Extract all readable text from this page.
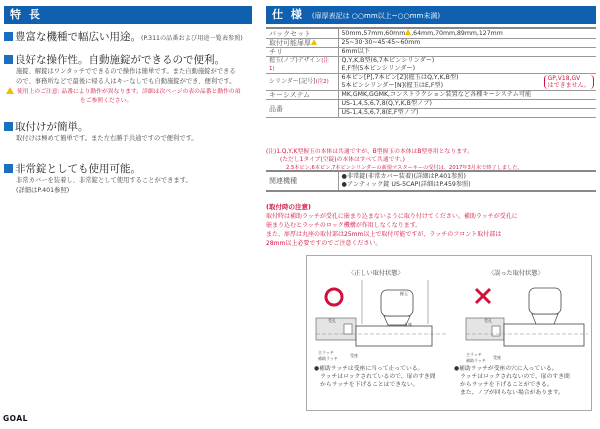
特 長
豊富な機種で幅広い用途。(P.311の品番および用途一覧表参照)
良好な操作性。自動施錠ができるので便利。
施錠、解錠はワンタッチでできるので操作は簡単です。また自動施錠ができる
ので、事務所などで最後に帰る人はキーなしでも自動施錠ができ、便利です。
使用上のご注意: 品番により動作が異なります。詳細は次ページの表の品番と動作の項
をご参照ください。
取付けが簡単。
取付けは極めて簡単です。また左右勝手共通ですので便利です。
非常錠としても使用可能。
非常カバーを装着し、非常錠として使用することができます。
(詳細はP.401参照)
GOAL
仕 様 (扉厚表記は ○○mm以上~○○mm未満)
バックセット	50mm,57mm,60mm ,64mm,70mm,89mm,127mm
取付可能扉厚	25~30·30~45·45~60mm
チリ	6mm以下
握玉(ノブ)デザイン(注1)	Q,Y,K,B型(6,7本ピンシリンダー)
E,F型(5本ピンシリンダー)

シリンダー[記号](注2)	6本ピン[P],7本ピン[Z](握玉はQ,Y,K,B型)
5本ピンシリンダー[N](握玉はE,F型)
GP,V18,GV
はできません。

キーシステム	MK,GMK,GGMK,コンストラクション装置など各種キーシステム可能
品番	US-1,4,5,6,7,8(Q,Y,K,B型ノブ)
US-1,4,5,6,7,8(E,F型ノブ)
(注)1.Q,Y,K型握玉の本体は共通ですが、B型握玉の本体はB型専用となります。
(ただし1タイプ(空錠)の本体はすべて共通です。)
2.5本ピン,6本ピン,7本ピンシリンダーの新規マスターキーの受付は、2017年3月末で終了しました。
関連機種	
●非常錠(非常カバー装着)(詳細はP.401参照)
●アンティック錠 US-5CAP(詳細はP.459参照)
(取付時の注意)
取付時は補助ラッチが受孔に嵌まり込まないように取り付けてください。補助ラッチが受孔に
嵌まり込むとラッチのロック機構が作用しなくなります。
また、扉厚は丸座の取付部は25mm以上で取付可能ですが、ラッチのフロント取付部は
28mm以上必要ですのでご注意ください。
〈正しい取付状態〉	〈誤った取付状態〉
握玉
丸座
受孔
主ラッチ
補助ラッチ
受座
受孔
主ラッチ
補助ラッチ
受座
●補助ラッチは受座に当って止っている。
ラッチはロックされているので、扉のすき間
からラッチを下げることはできない。
●補助ラッチが受座の穴に入っている。
ラッチはロックされないので、扉のすき間
からラッチを下げることができる。
また、ノブが回らない場合があります。
